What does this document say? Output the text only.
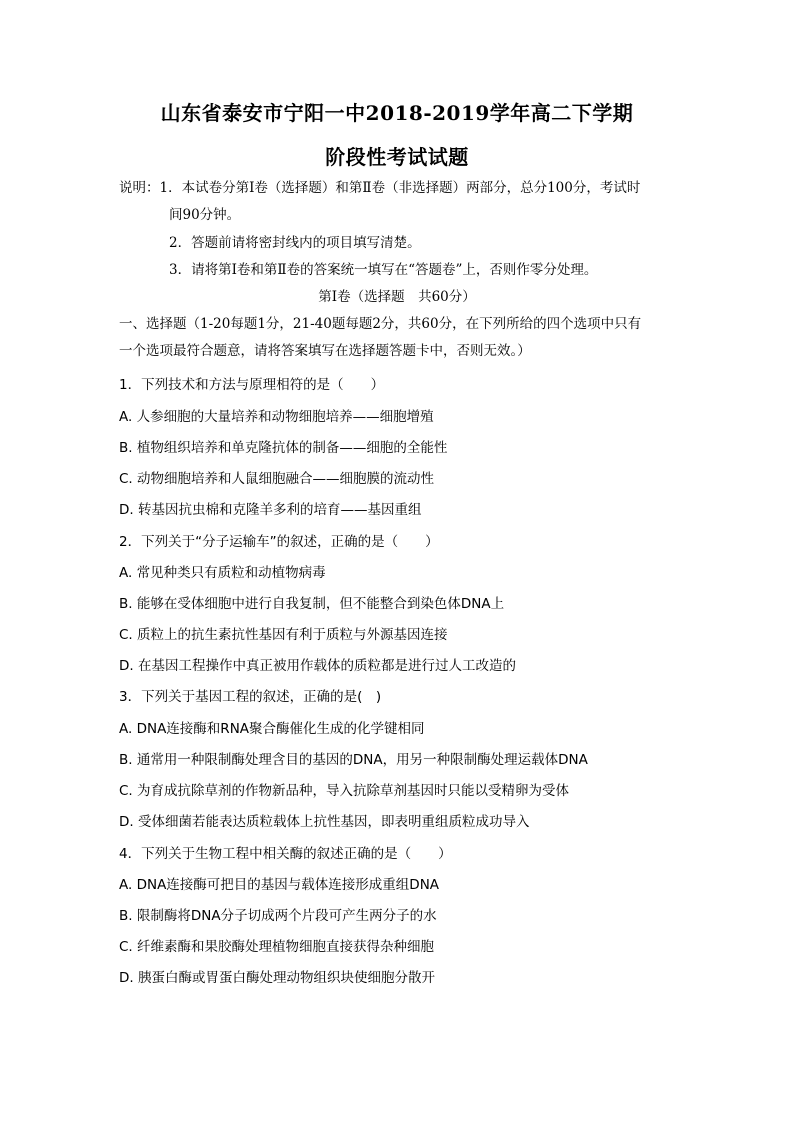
山东省泰安市宁阳一中2018-2019学年高二下学期
阶段性考试试题
说明：1．本试卷分第Ⅰ卷（选择题）和第Ⅱ卷（非选择题）两部分，总分100分，考试时
间90分钟。
2．答题前请将密封线内的项目填写清楚。
3．请将第Ⅰ卷和第Ⅱ卷的答案统一填写在“答题卷”上，否则作零分处理。
第Ⅰ卷（选择题　共60分）
一、选择题（1-20每题1分，21-40题每题2分，共60分，在下列所给的四个选项中只有
一个选项最符合题意，请将答案填写在选择题答题卡中，否则无效。）
1．下列技术和方法与原理相符的是（　　）
A. 人参细胞的大量培养和动物细胞培养——细胞增殖
B. 植物组织培养和单克隆抗体的制备——细胞的全能性
C. 动物细胞培养和人鼠细胞融合——细胞膜的流动性
D. 转基因抗虫棉和克隆羊多利的培育——基因重组
2．下列关于“分子运输车”的叙述，正确的是（　　）
A. 常见种类只有质粒和动植物病毒
B. 能够在受体细胞中进行自我复制，但不能整合到染色体DNA上
C. 质粒上的抗生素抗性基因有利于质粒与外源基因连接
D. 在基因工程操作中真正被用作载体的质粒都是进行过人工改造的
3．下列关于基因工程的叙述，正确的是(　)
A. DNA连接酶和RNA聚合酶催化生成的化学键相同
B. 通常用一种限制酶处理含目的基因的DNA，用另一种限制酶处理运载体DNA
C. 为育成抗除草剂的作物新品种，导入抗除草剂基因时只能以受精卵为受体
D. 受体细菌若能表达质粒载体上抗性基因，即表明重组质粒成功导入
4．下列关于生物工程中相关酶的叙述正确的是（　　）
A. DNA连接酶可把目的基因与载体连接形成重组DNA
B. 限制酶将DNA分子切成两个片段可产生两分子的水
C. 纤维素酶和果胶酶处理植物细胞直接获得杂种细胞
D. 胰蛋白酶或胃蛋白酶处理动物组织块使细胞分散开
